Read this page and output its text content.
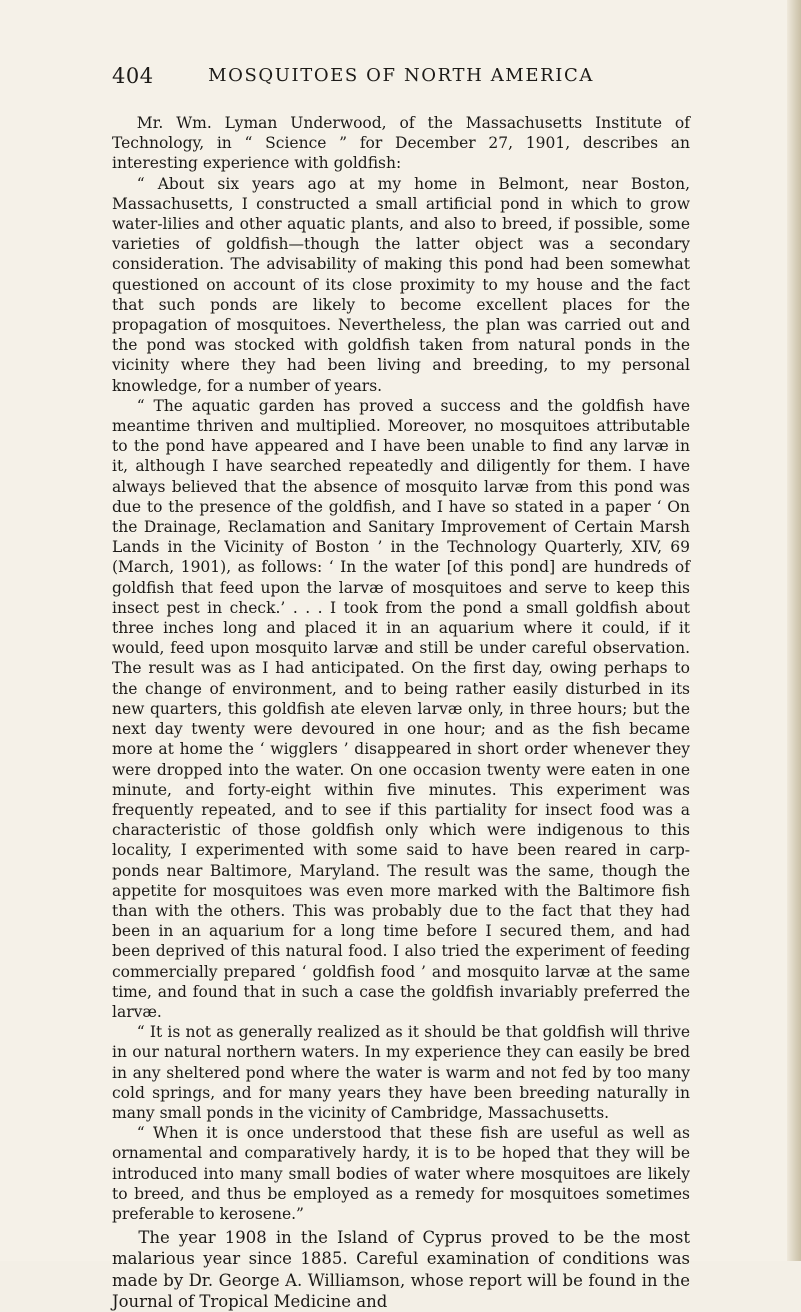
404	MOSQUITOES OF NORTH AMERICA

Mr. Wm. Lyman Underwood, of the Massachusetts Institute of Technology, in “ Science ” for December 27, 1901, describes an interesting experience with goldfish:

“ About six years ago at my home in Belmont, near Boston, Massachusetts, I constructed a small artificial pond in which to grow water-lilies and other aquatic plants, and also to breed, if possible, some varieties of goldfish—though the latter object was a secondary consideration. The advisability of making this pond had been somewhat questioned on account of its close proximity to my house and the fact that such ponds are likely to become excellent places for the propagation of mosquitoes. Nevertheless, the plan was carried out and the pond was stocked with goldfish taken from natural ponds in the vicinity where they had been living and breeding, to my personal knowledge, for a number of years.

“ The aquatic garden has proved a success and the goldfish have meantime thriven and multiplied. Moreover, no mosquitoes attributable to the pond have appeared and I have been unable to find any larvæ in it, although I have searched repeatedly and diligently for them. I have always believed that the absence of mosquito larvæ from this pond was due to the presence of the goldfish, and I have so stated in a paper ‘ On the Drainage, Reclamation and Sanitary Improvement of Certain Marsh Lands in the Vicinity of Boston ’ in the Technology Quarterly, XIV, 69 (March, 1901), as follows: ‘ In the water [of this pond] are hundreds of goldfish that feed upon the larvæ of mosquitoes and serve to keep this insect pest in check.’ . . . I took from the pond a small goldfish about three inches long and placed it in an aquarium where it could, if it would, feed upon mosquito larvæ and still be under careful observation. The result was as I had anticipated. On the first day, owing perhaps to the change of environment, and to being rather easily disturbed in its new quarters, this goldfish ate eleven larvæ only, in three hours; but the next day twenty were devoured in one hour; and as the fish became more at home the ‘ wigglers ’ disappeared in short order whenever they were dropped into the water. On one occasion twenty were eaten in one minute, and forty-eight within five minutes. This experiment was frequently repeated, and to see if this partiality for insect food was a characteristic of those goldfish only which were indigenous to this locality, I experimented with some said to have been reared in carp-ponds near Baltimore, Maryland. The result was the same, though the appetite for mosquitoes was even more marked with the Baltimore fish than with the others. This was probably due to the fact that they had been in an aquarium for a long time before I secured them, and had been deprived of this natural food. I also tried the experiment of feeding commercially prepared ‘ goldfish food ’ and mosquito larvæ at the same time, and found that in such a case the goldfish invariably preferred the larvæ.

“ It is not as generally realized as it should be that goldfish will thrive in our natural northern waters. In my experience they can easily be bred in any sheltered pond where the water is warm and not fed by too many cold springs, and for many years they have been breeding naturally in many small ponds in the vicinity of Cambridge, Massachusetts.

“ When it is once understood that these fish are useful as well as ornamental and comparatively hardy, it is to be hoped that they will be introduced into many small bodies of water where mosquitoes are likely to breed, and thus be employed as a remedy for mosquitoes sometimes preferable to kerosene.”

The year 1908 in the Island of Cyprus proved to be the most malarious year since 1885. Careful examination of conditions was made by Dr. George A. Williamson, whose report will be found in the Journal of Tropical Medicine and
